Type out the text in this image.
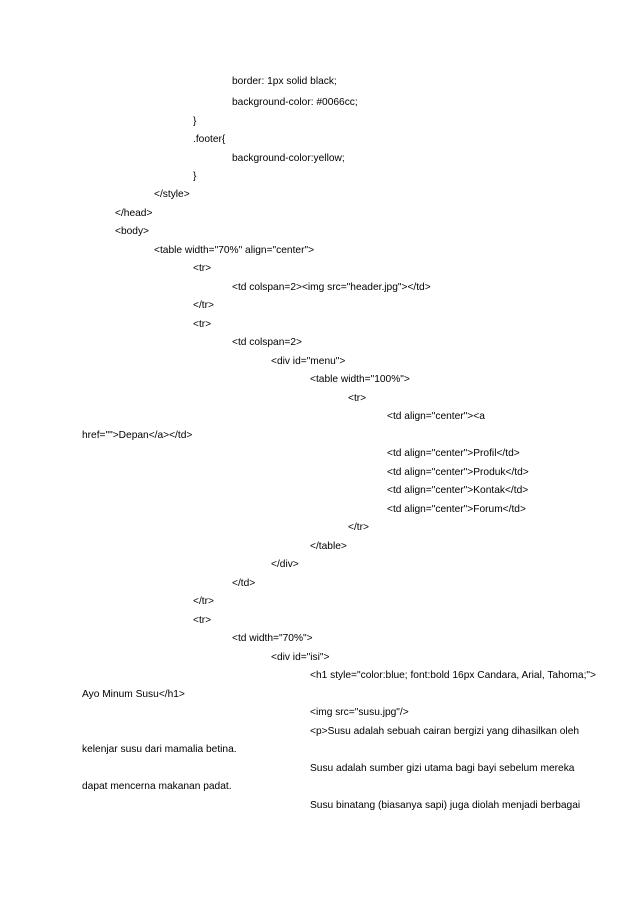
border: 1px solid black;
background-color: #0066cc;
}
.footer{
background-color:yellow;
}
</style>
</head>
<body>
<table width="70%" align="center">
<tr>
<td colspan=2><img src="header.jpg"></td>
</tr>
<tr>
<td colspan=2>
<div id="menu">
<table width="100%">
<tr>
<td align="center"><a
href="">Depan</a></td>
<td align="center">Profil</td>
<td align="center">Produk</td>
<td align="center">Kontak</td>
<td align="center">Forum</td>
</tr>
</table>
</div>
</td>
</tr>
<tr>
<td width="70%">
<div id="isi">
<h1 style="color:blue; font:bold 16px Candara, Arial, Tahoma;">
Ayo Minum Susu</h1>
<img src="susu.jpg"/>
<p>Susu adalah sebuah cairan bergizi yang dihasilkan oleh
kelenjar susu dari mamalia betina.
Susu adalah sumber gizi utama bagi bayi sebelum mereka
dapat mencerna makanan padat.
Susu binatang (biasanya sapi) juga diolah menjadi berbagai
